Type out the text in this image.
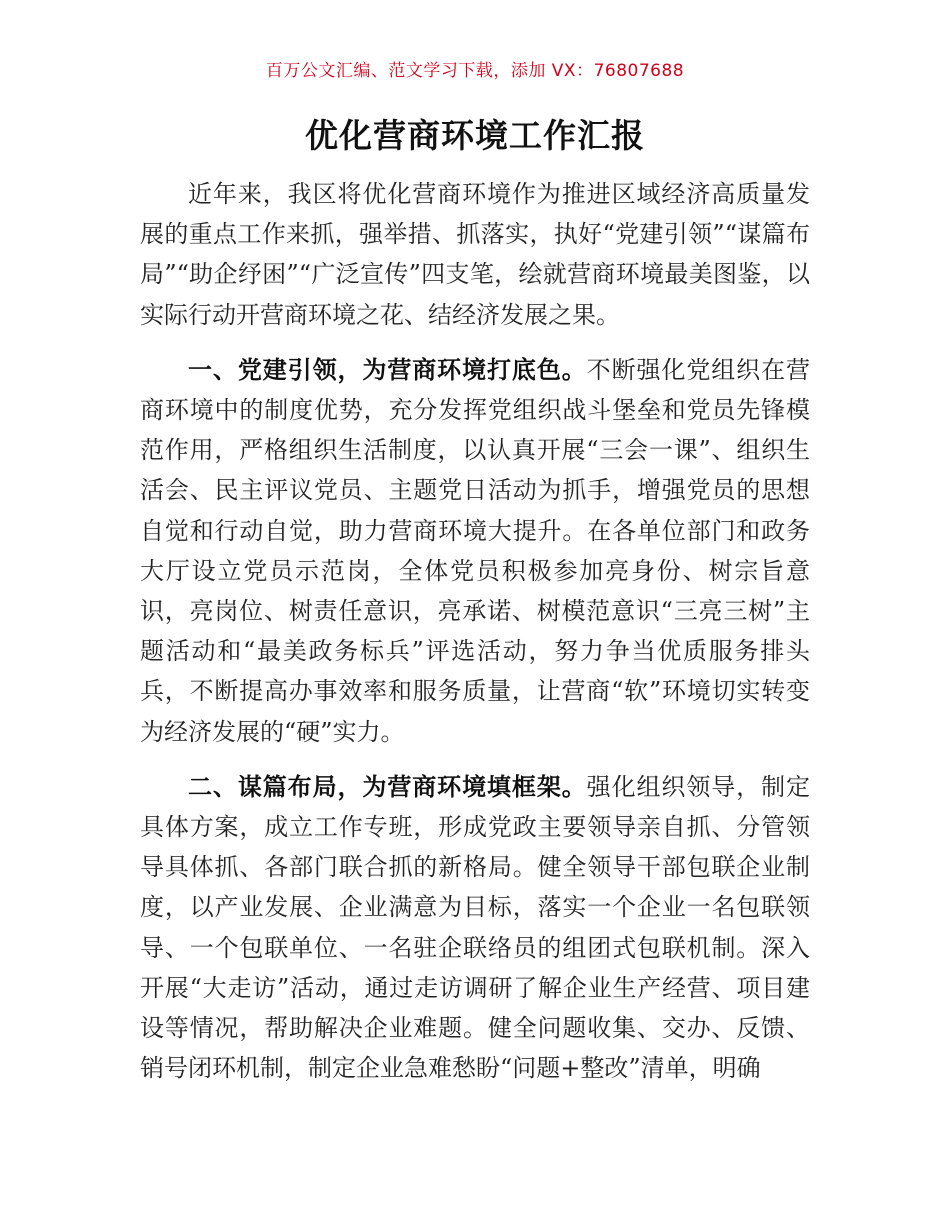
百万公文汇编、范文学习下载，添加 VX：76807688
优化营商环境工作汇报

近年来，我区将优化营商环境作为推进区域经济高质量发展的重点工作来抓，强举措、抓落实，执好“党建引领”“谋篇布局”“助企纾困”“广泛宣传”四支笔，绘就营商环境最美图鉴，以实际行动开营商环境之花、结经济发展之果。

一、党建引领，为营商环境打底色。不断强化党组织在营商环境中的制度优势，充分发挥党组织战斗堡垒和党员先锋模范作用，严格组织生活制度，以认真开展“三会一课”、组织生活会、民主评议党员、主题党日活动为抓手，增强党员的思想自觉和行动自觉，助力营商环境大提升。在各单位部门和政务大厅设立党员示范岗，全体党员积极参加亮身份、树宗旨意识，亮岗位、树责任意识，亮承诺、树模范意识“三亮三树”主题活动和“最美政务标兵”评选活动，努力争当优质服务排头兵，不断提高办事效率和服务质量，让营商“软”环境切实转变为经济发展的“硬”实力。

二、谋篇布局，为营商环境填框架。强化组织领导，制定具体方案，成立工作专班，形成党政主要领导亲自抓、分管领导具体抓、各部门联合抓的新格局。健全领导干部包联企业制度，以产业发展、企业满意为目标，落实一个企业一名包联领导、一个包联单位、一名驻企联络员的组团式包联机制。深入开展“大走访”活动，通过走访调研了解企业生产经营、项目建设等情况，帮助解决企业难题。健全问题收集、交办、反馈、销号闭环机制，制定企业急难愁盼“问题+整改”清单，明确
